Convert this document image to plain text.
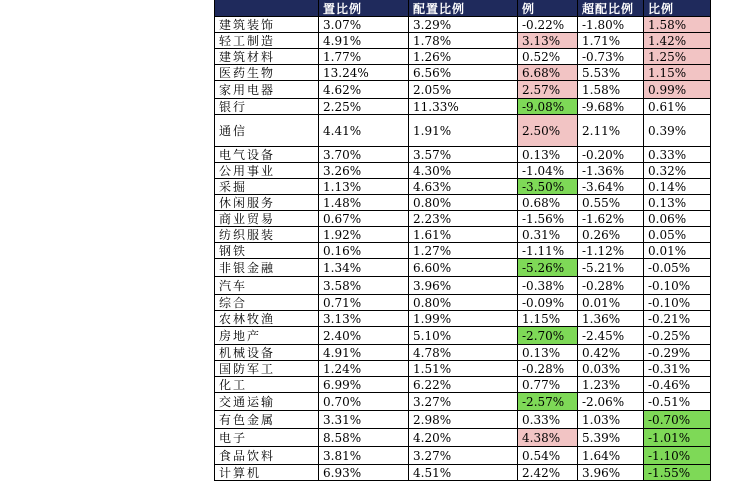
	置比例	配置比例	例	超配比例	比例

建筑装饰	3.07%	3.29%	-0.22%	-1.80%	1.58%
轻工制造	4.91%	1.78%	3.13%	1.71%	1.42%
建筑材料	1.77%	1.26%	0.52%	-0.73%	1.25%
医药生物	13.24%	6.56%	6.68%	5.53%	1.15%
家用电器	4.62%	2.05%	2.57%	1.58%	0.99%
银行	2.25%	11.33%	-9.08%	-9.68%	0.61%
通信	4.41%	1.91%	2.50%	2.11%	0.39%
电气设备	3.70%	3.57%	0.13%	-0.20%	0.33%
公用事业	3.26%	4.30%	-1.04%	-1.36%	0.32%
采掘	1.13%	4.63%	-3.50%	-3.64%	0.14%
休闲服务	1.48%	0.80%	0.68%	0.55%	0.13%
商业贸易	0.67%	2.23%	-1.56%	-1.62%	0.06%
纺织服装	1.92%	1.61%	0.31%	0.26%	0.05%
钢铁	0.16%	1.27%	-1.11%	-1.12%	0.01%
非银金融	1.34%	6.60%	-5.26%	-5.21%	-0.05%
汽车	3.58%	3.96%	-0.38%	-0.28%	-0.10%
综合	0.71%	0.80%	-0.09%	0.01%	-0.10%
农林牧渔	3.13%	1.99%	1.15%	1.36%	-0.21%
房地产	2.40%	5.10%	-2.70%	-2.45%	-0.25%
机械设备	4.91%	4.78%	0.13%	0.42%	-0.29%
国防军工	1.24%	1.51%	-0.28%	0.03%	-0.31%
化工	6.99%	6.22%	0.77%	1.23%	-0.46%
交通运输	0.70%	3.27%	-2.57%	-2.06%	-0.51%
有色金属	3.31%	2.98%	0.33%	1.03%	-0.70%
电子	8.58%	4.20%	4.38%	5.39%	-1.01%
食品饮料	3.81%	3.27%	0.54%	1.64%	-1.10%
计算机	6.93%	4.51%	2.42%	3.96%	-1.55%
